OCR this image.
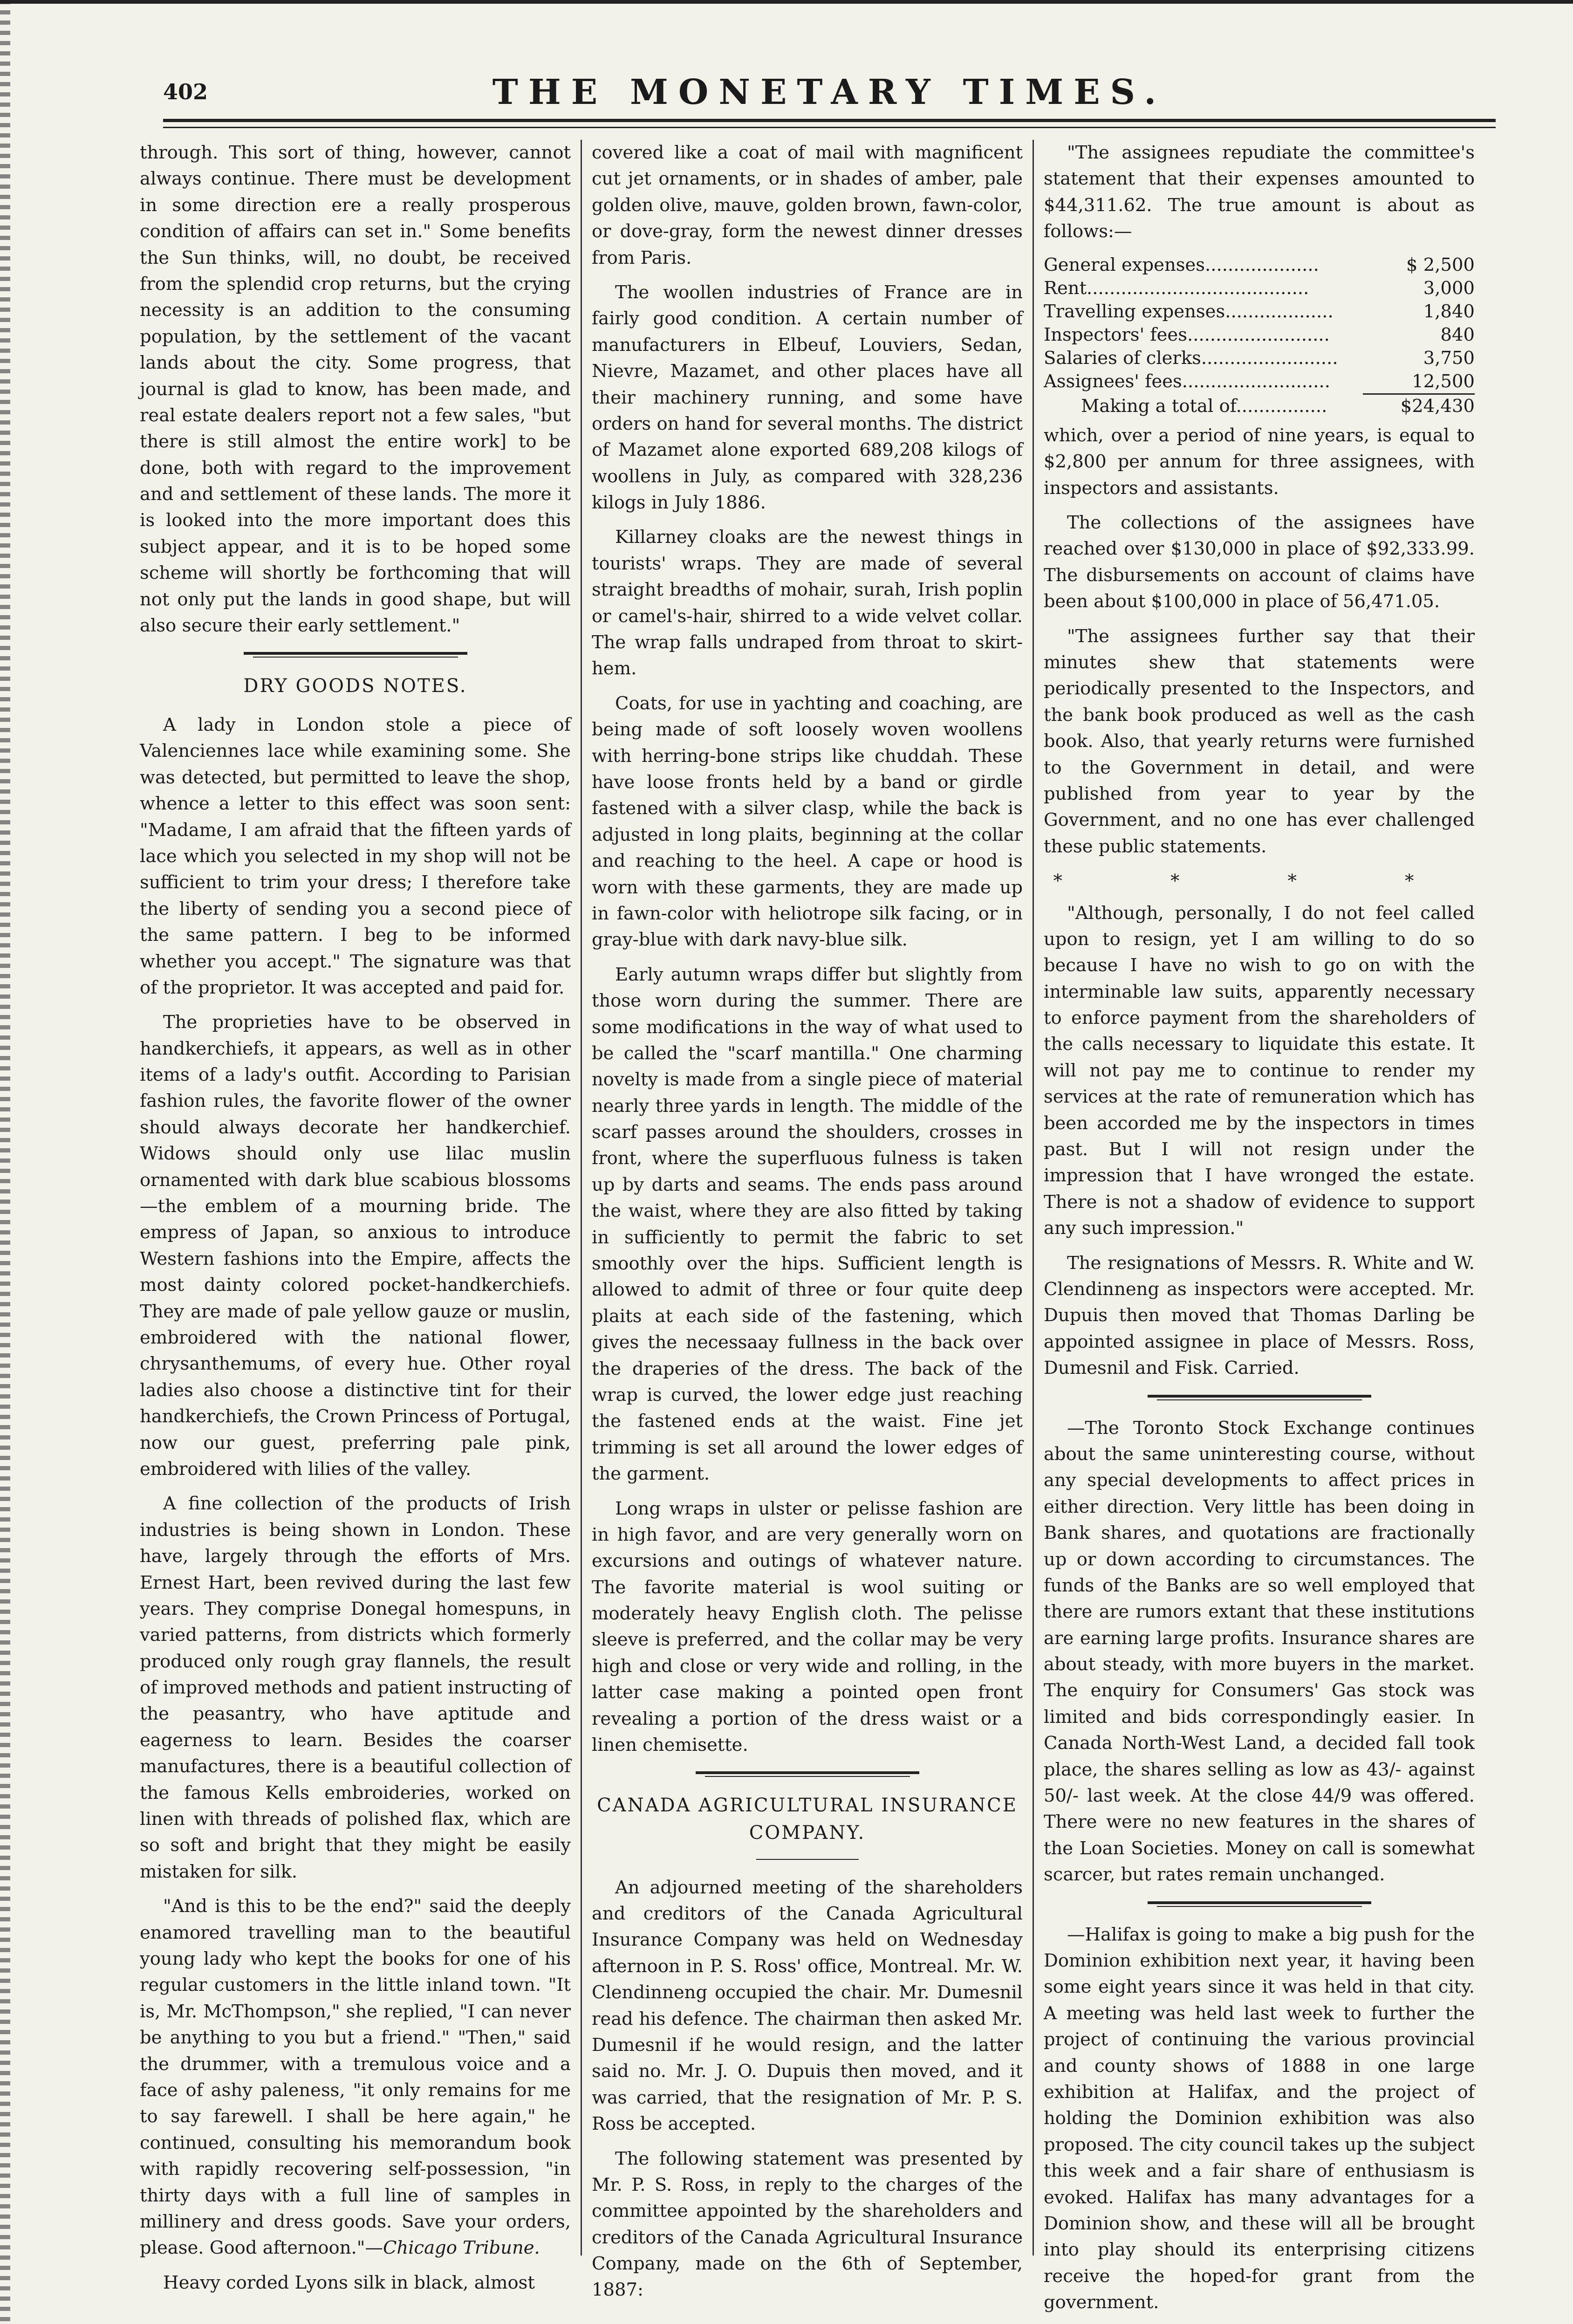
402	THE MONETARY TIMES.

through. This sort of thing, however, cannot always continue. There must be development in some direction ere a really prosperous condition of affairs can set in." Some benefits the Sun thinks, will, no doubt, be received from the splendid crop returns, but the crying necessity is an addition to the consuming population, by the settlement of the vacant lands about the city. Some progress, that journal is glad to know, has been made, and real estate dealers report not a few sales, "but there is still almost the entire work] to be done, both with regard to the improvement and and settlement of these lands. The more it is looked into the more important does this subject appear, and it is to be hoped some scheme will shortly be forthcoming that will not only put the lands in good shape, but will also secure their early settlement."

DRY GOODS NOTES.

A lady in London stole a piece of Valenciennes lace while examining some. She was detected, but permitted to leave the shop, whence a letter to this effect was soon sent: "Madame, I am afraid that the fifteen yards of lace which you selected in my shop will not be sufficient to trim your dress; I therefore take the liberty of sending you a second piece of the same pattern. I beg to be informed whether you accept." The signature was that of the proprietor. It was accepted and paid for.

The proprieties have to be observed in handkerchiefs, it appears, as well as in other items of a lady's outfit. According to Parisian fashion rules, the favorite flower of the owner should always decorate her handkerchief. Widows should only use lilac muslin ornamented with dark blue scabious blossoms—the emblem of a mourning bride. The empress of Japan, so anxious to introduce Western fashions into the Empire, affects the most dainty colored pocket-handkerchiefs. They are made of pale yellow gauze or muslin, embroidered with the national flower, chrysanthemums, of every hue. Other royal ladies also choose a distinctive tint for their handkerchiefs, the Crown Princess of Portugal, now our guest, preferring pale pink, embroidered with lilies of the valley.

A fine collection of the products of Irish industries is being shown in London. These have, largely through the efforts of Mrs. Ernest Hart, been revived during the last few years. They comprise Donegal homespuns, in varied patterns, from districts which formerly produced only rough gray flannels, the result of improved methods and patient instructing of the peasantry, who have aptitude and eagerness to learn. Besides the coarser manufactures, there is a beautiful collection of the famous Kells embroideries, worked on linen with threads of polished flax, which are so soft and bright that they might be easily mistaken for silk.

"And is this to be the end?" said the deeply enamored travelling man to the beautiful young lady who kept the books for one of his regular customers in the little inland town. "It is, Mr. McThompson," she replied, "I can never be anything to you but a friend." "Then," said the drummer, with a tremulous voice and a face of ashy paleness, "it only remains for me to say farewell. I shall be here again," he continued, consulting his memorandum book with rapidly recovering self-possession, "in thirty days with a full line of samples in millinery and dress goods. Save your orders, please. Good afternoon."—Chicago Tribune.

Heavy corded Lyons silk in black, almost

covered like a coat of mail with magnificent cut jet ornaments, or in shades of amber, pale golden olive, mauve, golden brown, fawn-color, or dove-gray, form the newest dinner dresses from Paris.

The woollen industries of France are in fairly good condition. A certain number of manufacturers in Elbeuf, Louviers, Sedan, Nievre, Mazamet, and other places have all their machinery running, and some have orders on hand for several months. The district of Mazamet alone exported 689,208 kilogs of woollens in July, as compared with 328,236 kilogs in July 1886.

Killarney cloaks are the newest things in tourists' wraps. They are made of several straight breadths of mohair, surah, Irish poplin or camel's-hair, shirred to a wide velvet collar. The wrap falls undraped from throat to skirt-hem.

Coats, for use in yachting and coaching, are being made of soft loosely woven woollens with herring-bone strips like chuddah. These have loose fronts held by a band or girdle fastened with a silver clasp, while the back is adjusted in long plaits, beginning at the collar and reaching to the heel. A cape or hood is worn with these garments, they are made up in fawn-color with heliotrope silk facing, or in gray-blue with dark navy-blue silk.

Early autumn wraps differ but slightly from those worn during the summer. There are some modifications in the way of what used to be called the "scarf mantilla." One charming novelty is made from a single piece of material nearly three yards in length. The middle of the scarf passes around the shoulders, crosses in front, where the superfluous fulness is taken up by darts and seams. The ends pass around the waist, where they are also fitted by taking in sufficiently to permit the fabric to set smoothly over the hips. Sufficient length is allowed to admit of three or four quite deep plaits at each side of the fastening, which gives the necessaay fullness in the back over the draperies of the dress. The back of the wrap is curved, the lower edge just reaching the fastened ends at the waist. Fine jet trimming is set all around the lower edges of the garment.

Long wraps in ulster or pelisse fashion are in high favor, and are very generally worn on excursions and outings of whatever nature. The favorite material is wool suiting or moderately heavy English cloth. The pelisse sleeve is preferred, and the collar may be very high and close or very wide and rolling, in the latter case making a pointed open front revealing a portion of the dress waist or a linen chemisette.

CANADA AGRICULTURAL INSURANCE COMPANY.

An adjourned meeting of the shareholders and creditors of the Canada Agricultural Insurance Company was held on Wednesday afternoon in P. S. Ross' office, Montreal. Mr. W. Clendinneng occupied the chair. Mr. Dumesnil read his defence. The chairman then asked Mr. Dumesnil if he would resign, and the latter said no. Mr. J. O. Dupuis then moved, and it was carried, that the resignation of Mr. P. S. Ross be accepted.

The following statement was presented by Mr. P. S. Ross, in reply to the charges of the committee appointed by the shareholders and creditors of the Canada Agricultural Insurance Company, made on the 6th of September, 1887:

"The assignees repudiate the committee's statement that their expenses amounted to $44,311.62. The true amount is about as follows:—

General expenses....................	$ 2,500
Rent.......................................	3,000
Travelling expenses...................	1,840
Inspectors' fees.........................	840
Salaries of clerks........................	3,750
Assignees' fees..........................	12,500

Making a total of................	$24,430

which, over a period of nine years, is equal to $2,800 per annum for three assignees, with inspectors and assistants.

The collections of the assignees have reached over $130,000 in place of $92,333.99. The disbursements on account of claims have been about $100,000 in place of 56,471.05.

"The assignees further say that their minutes shew that statements were periodically presented to the Inspectors, and the bank book produced as well as the cash book. Also, that yearly returns were furnished to the Government in detail, and were published from year to year by the Government, and no one has ever challenged these public statements.

* * * *

"Although, personally, I do not feel called upon to resign, yet I am willing to do so because I have no wish to go on with the interminable law suits, apparently necessary to enforce payment from the shareholders of the calls necessary to liquidate this estate. It will not pay me to continue to render my services at the rate of remuneration which has been accorded me by the inspectors in times past. But I will not resign under the impression that I have wronged the estate. There is not a shadow of evidence to support any such impression."

The resignations of Messrs. R. White and W. Clendinneng as inspectors were accepted. Mr. Dupuis then moved that Thomas Darling be appointed assignee in place of Messrs. Ross, Dumesnil and Fisk. Carried.

—The Toronto Stock Exchange continues about the same uninteresting course, without any special developments to affect prices in either direction. Very little has been doing in Bank shares, and quotations are fractionally up or down according to circumstances. The funds of the Banks are so well employed that there are rumors extant that these institutions are earning large profits. Insurance shares are about steady, with more buyers in the market. The enquiry for Consumers' Gas stock was limited and bids correspondingly easier. In Canada North-West Land, a decided fall took place, the shares selling as low as 43/- against 50/- last week. At the close 44/9 was offered. There were no new features in the shares of the Loan Societies. Money on call is somewhat scarcer, but rates remain unchanged.

—Halifax is going to make a big push for the Dominion exhibition next year, it having been some eight years since it was held in that city. A meeting was held last week to further the project of continuing the various provincial and county shows of 1888 in one large exhibition at Halifax, and the project of holding the Dominion exhibition was also proposed. The city council takes up the subject this week and a fair share of enthusiasm is evoked. Halifax has many advantages for a Dominion show, and these will all be brought into play should its enterprising citizens receive the hoped-for grant from the government.
